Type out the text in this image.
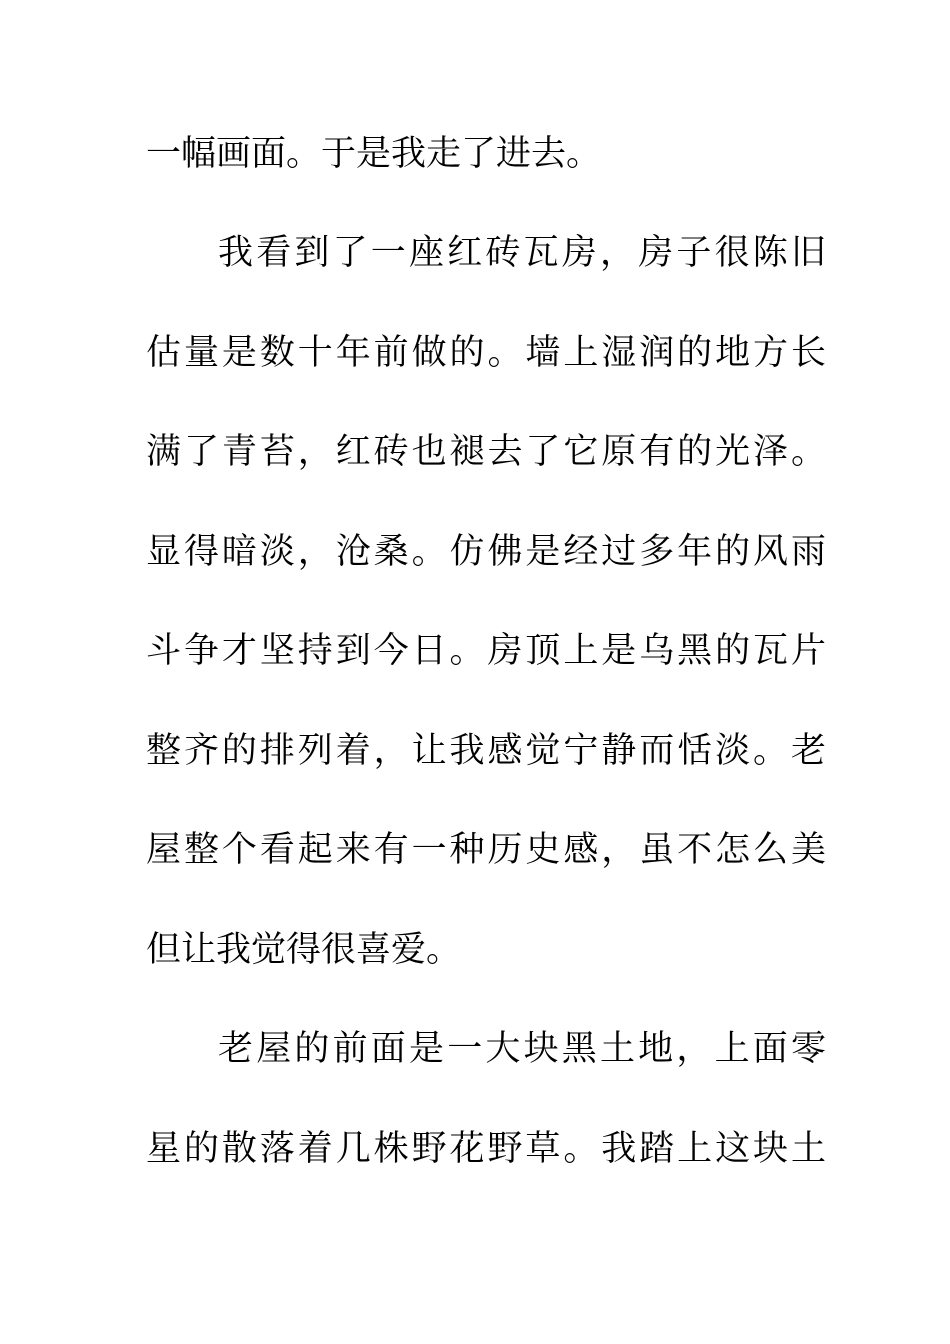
一幅画面。于是我走了进去。
我看到了一座红砖瓦房，房子很陈旧
估量是数十年前做的。墙上湿润的地方长
满了青苔，红砖也褪去了它原有的光泽。
显得暗淡，沧桑。仿佛是经过多年的风雨
斗争才坚持到今日。房顶上是乌黑的瓦片
整齐的排列着，让我感觉宁静而恬淡。老
屋整个看起来有一种历史感，虽不怎么美
但让我觉得很喜爱。
老屋的前面是一大块黑土地，上面零
星的散落着几株野花野草。我踏上这块土
